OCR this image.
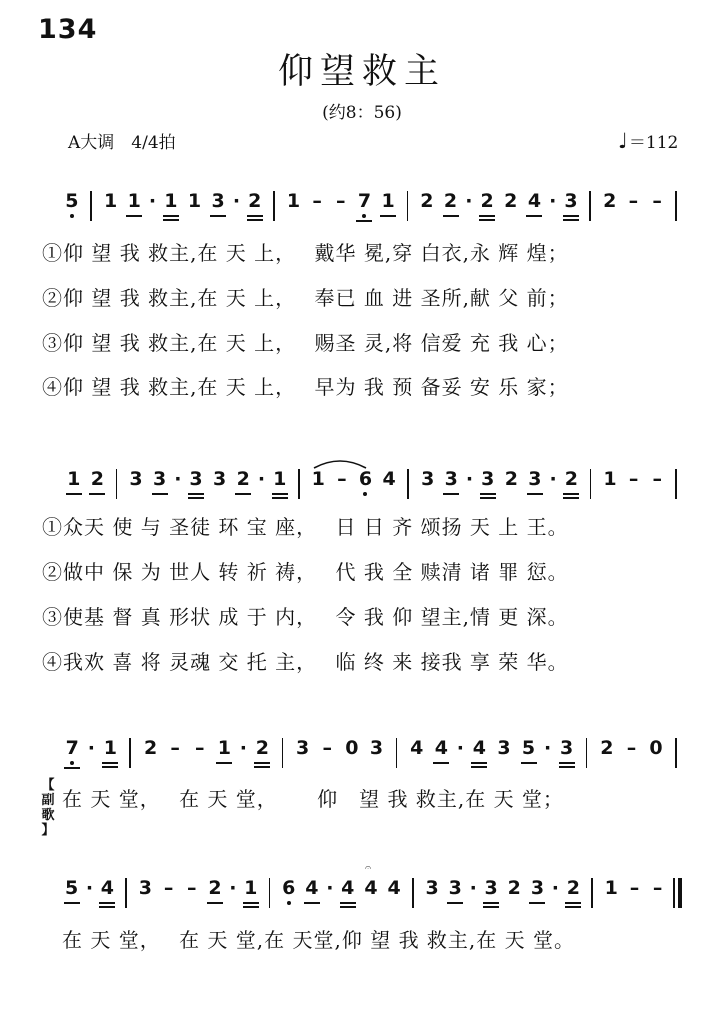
134
仰望救主
(约8：56)
A大调　4/4拍	♩＝112
5 1 1 · 1 1 3 · 2 1 – – 7 1 2 2 · 2 2 4 · 3 2 – –
1 2 3 3 · 3 3 2 · 1 1 – 6 4 3 3 · 3 2 3 · 2 1 – –
7 · 1 2 – – 1 · 2 3 – 0 3 4 4 · 4 3 5 · 3 2 – 0
5 · 4 3 – – 2 · 1 6 4 · 4 4
𝄐
4 3 3 · 3 2 3 · 2 1 – –
①仰 望 我 救主,在 天 上，　 戴华 冕,穿 白衣,永 辉 煌；
②仰 望 我 救主,在 天 上，　 奉已 血 进 圣所,献 父 前；
③仰 望 我 救主,在 天 上，　 赐圣 灵,将 信爱 充 我 心；
④仰 望 我 救主,在 天 上，　 早为 我 预 备妥 安 乐 家；
①众天 使 与 圣徒 环 宝 座，　 日 日 齐 颂扬 天 上 王。
②做中 保 为 世人 转 祈 祷，　 代 我 全 赎清 诸 罪 愆。
③使基 督 真 形状 成 于 内，　 令 我 仰 望主,情 更 深。
④我欢 喜 将 灵魂 交 托 主，　 临 终 来 接我 享 荣 华。
【
副
歌
】
在 天 堂，　 在 天 堂，　　 仰　望 我 救主,在 天 堂；
在 天 堂，　 在 天 堂,在 天堂,仰 望 我 救主,在 天 堂。
